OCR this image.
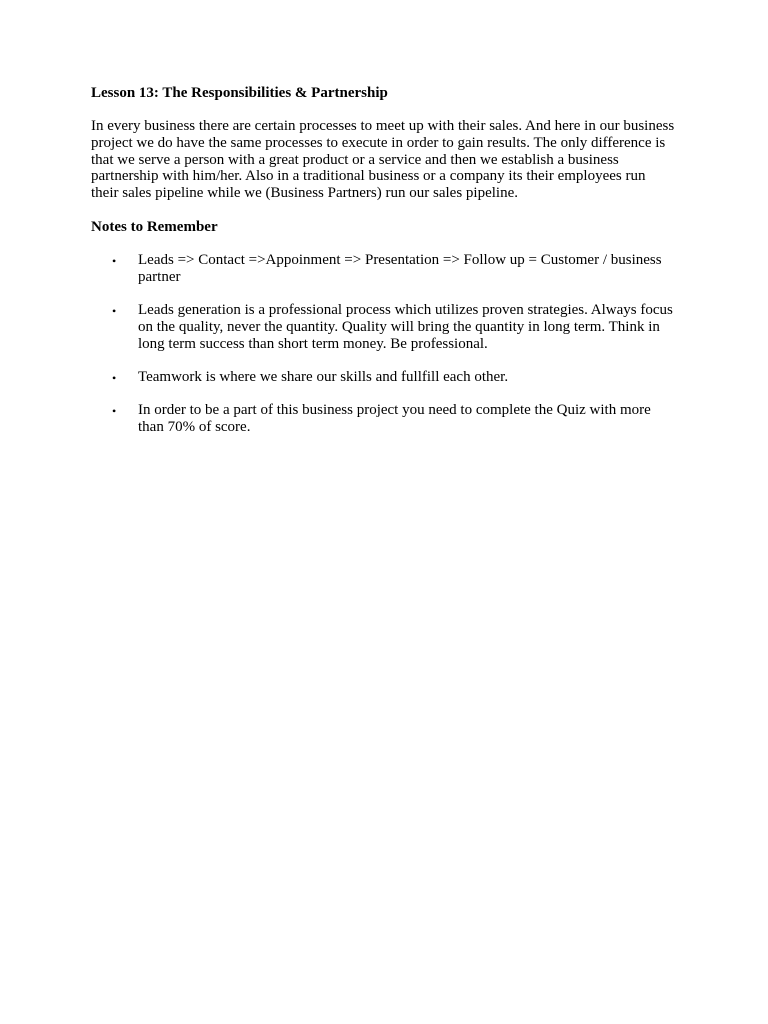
Lesson 13: The Responsibilities & Partnership
In every business there are certain processes to meet up with their sales. And here in our business project we do have the same processes to execute in order to gain results. The only difference is that we serve a person with a great product or a service and then we establish a business partnership with him/her. Also in a traditional business or a company its their employees run their sales pipeline while we (Business Partners) run our sales pipeline.
Notes to Remember
• Leads => Contact =>Appoinment => Presentation => Follow up = Customer / business partner
• Leads generation is a professional process which utilizes proven strategies. Always focus on the quality, never the quantity. Quality will bring the quantity in long term. Think in long term success than short term money. Be professional.
• Teamwork is where we share our skills and fullfill each other.
• In order to be a part of this business project you need to complete the Quiz with more than 70% of score.
